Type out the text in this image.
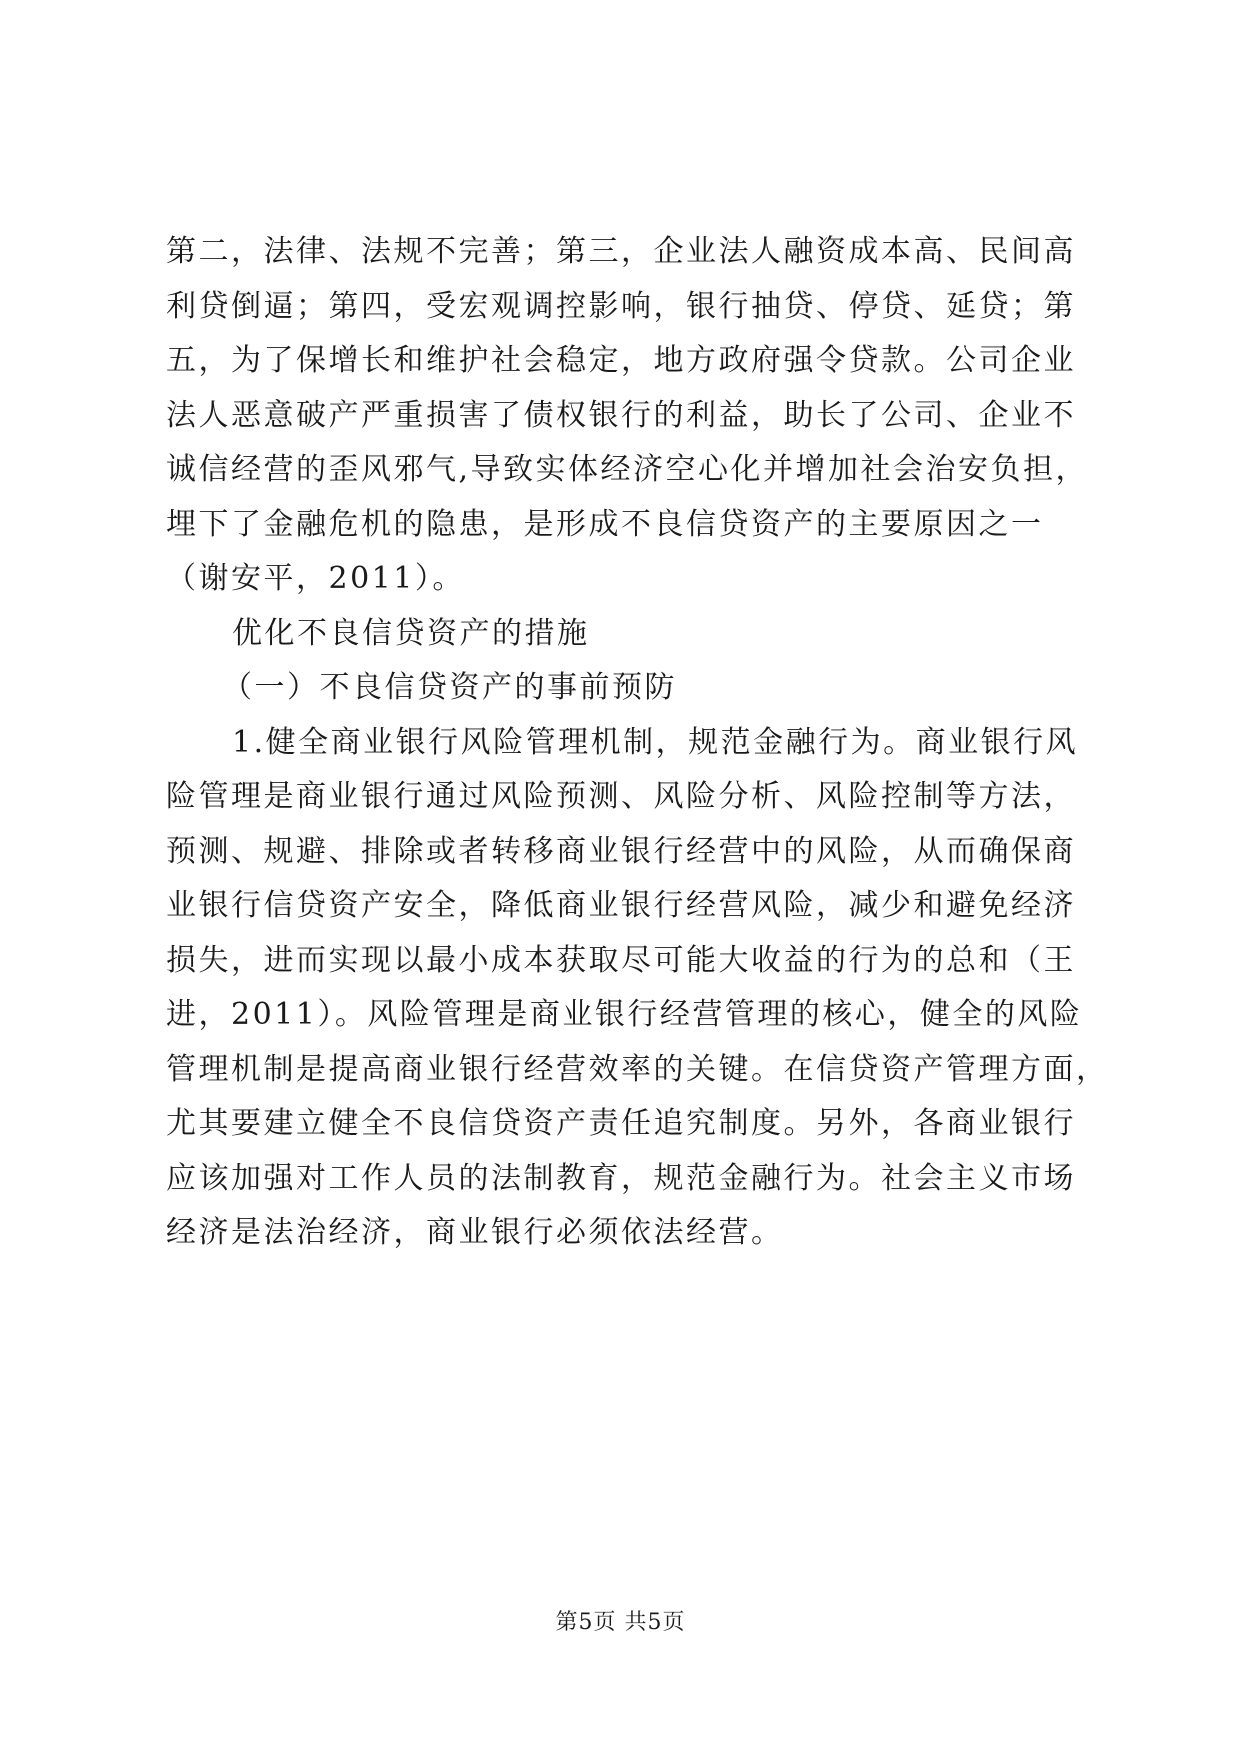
第二，法律、法规不完善；第三，企业法人融资成本高、民间高
利贷倒逼；第四，受宏观调控影响，银行抽贷、停贷、延贷；第
五，为了保增长和维护社会稳定，地方政府强令贷款。公司企业
法人恶意破产严重损害了债权银行的利益，助长了公司、企业不
诚信经营的歪风邪气,导致实体经济空心化并增加社会治安负担，
埋下了金融危机的隐患，是形成不良信贷资产的主要原因之一
（谢安平，2011）。
优化不良信贷资产的措施
（一）不良信贷资产的事前预防
1.健全商业银行风险管理机制，规范金融行为。商业银行风
险管理是商业银行通过风险预测、风险分析、风险控制等方法，
预测、规避、排除或者转移商业银行经营中的风险，从而确保商
业银行信贷资产安全，降低商业银行经营风险，减少和避免经济
损失，进而实现以最小成本获取尽可能大收益的行为的总和（王
进，2011）。风险管理是商业银行经营管理的核心，健全的风险
管理机制是提高商业银行经营效率的关键。在信贷资产管理方面，
尤其要建立健全不良信贷资产责任追究制度。另外，各商业银行
应该加强对工作人员的法制教育，规范金融行为。社会主义市场
经济是法治经济，商业银行必须依法经营。
第5页 共5页
